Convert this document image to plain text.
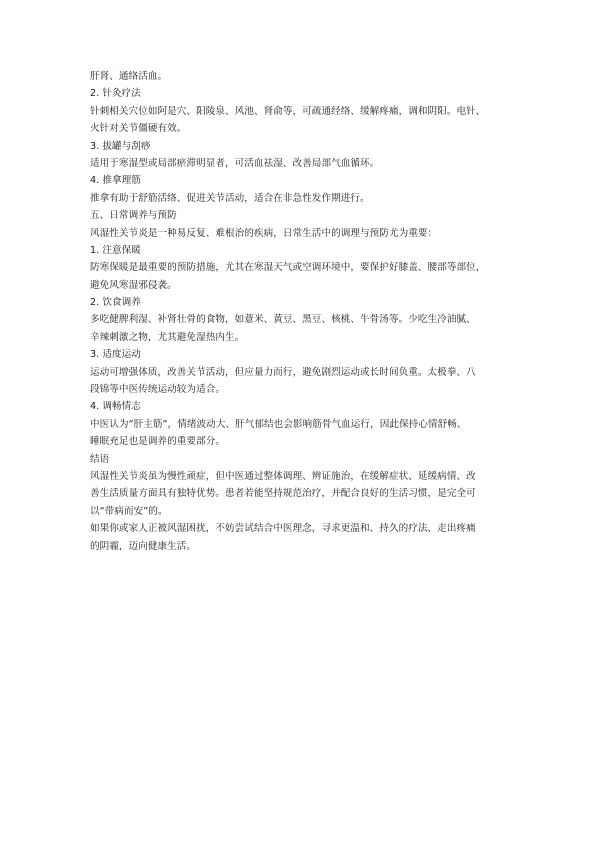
肝肾、通络活血。
2. 针灸疗法
针刺相关穴位如阿是穴、阳陵泉、风池、肾俞等，可疏通经络、缓解疼痛，调和阴阳。电针、
火针对关节僵硬有效。
3. 拔罐与刮痧
适用于寒湿型或局部瘀滞明显者，可活血祛湿、改善局部气血循环。
4. 推拿理筋
推拿有助于舒筋活络、促进关节活动，适合在非急性发作期进行。
五、日常调养与预防
风湿性关节炎是一种易反复、难根治的疾病，日常生活中的调理与预防尤为重要：
1. 注意保暖
防寒保暖是最重要的预防措施，尤其在寒湿天气或空调环境中，要保护好膝盖、腰部等部位，
避免风寒湿邪侵袭。
2. 饮食调养
多吃健脾利湿、补肾壮骨的食物，如薏米、黄豆、黑豆、核桃、牛骨汤等。少吃生冷油腻、
辛辣刺激之物，尤其避免湿热内生。
3. 适度运动
运动可增强体质，改善关节活动，但应量力而行，避免剧烈运动或长时间负重。太极拳、八
段锦等中医传统运动较为适合。
4. 调畅情志
中医认为“肝主筋”，情绪波动大、肝气郁结也会影响筋骨气血运行，因此保持心情舒畅、
睡眠充足也是调养的重要部分。
结语
风湿性关节炎虽为慢性顽症，但中医通过整体调理、辨证施治，在缓解症状、延缓病情、改
善生活质量方面具有独特优势。患者若能坚持规范治疗，并配合良好的生活习惯，是完全可
以“带病而安”的。
如果你或家人正被风湿困扰，不妨尝试结合中医理念，寻求更温和、持久的疗法，走出疼痛
的阴霾，迈向健康生活。
